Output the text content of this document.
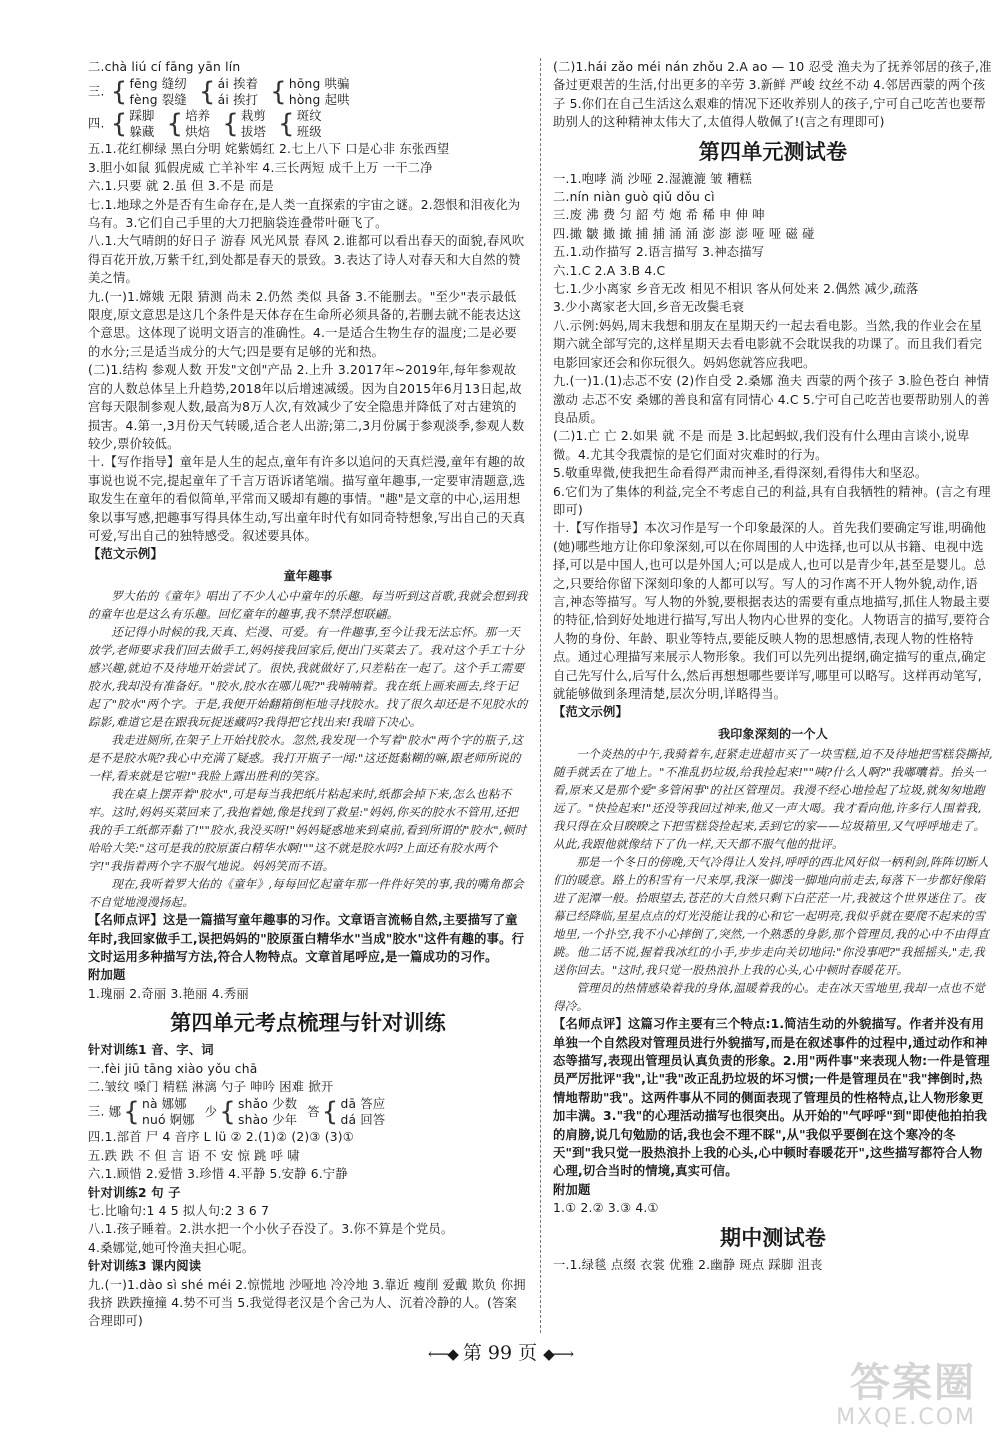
二.chà liú cí fāng yān lín
三. { fēng 缝纫
fèng 裂缝 { ái 挨着
ái 挨打 { hōng 哄骗
hòng 起哄
四. { 踩脚
躲藏 { 培养
烘焙 { 栽剪
拔塔 { 斑纹
班级
五.1.花红柳绿 黑白分明 姹紫嫣红 2.七上八下 口是心非 东张西望
3.胆小如鼠 狐假虎威 亡羊补牢 4.三长两短 成千上万 一干二净
六.1.只要 就 2.虽 但 3.不是 而是
七.1.地球之外是否有生命存在,是人类一直探索的宇宙之谜。2.怨恨和泪夜化为乌有。3.它们自己手里的大刀把脑袋连叠带叶砸飞了。
八.1.大气晴朗的好日子 游春 风光风景 春风 2.谁都可以看出春天的面貌,春风吹得百花开放,万紫千红,到处都是春天的景致。3.表达了诗人对春天和大自然的赞美之情。
九.(一)1.嫦娥 无限 猜测 尚未 2.仍然 类似 具备 3.不能删去。"至少"表示最低限度,原文意思是这几个条件是天体存在生命所必须具备的,若删去就不能表达这个意思。这体现了说明文语言的准确性。4.一是适合生物生存的温度;二是必要的水分;三是适当成分的大气;四是要有足够的光和热。
(二)1.结构 参观人数 开发"文创"产品 2.上升 3.2017年~2019年,每年参观故宫的人数总体呈上升趋势,2018年以后增速减缓。因为自2015年6月13日起,故宫每天限制参观人数,最高为8万人次,有效减少了安全隐患并降低了对古建筑的损害。4.第一,3月份天气转暖,适合老人出游;第二,3月份属于参观淡季,参观人数较少,票价较低。
十.【写作指导】童年是人生的起点,童年有许多以追问的天真烂漫,童年有趣的故事说也说不完,提起童年了千言万语诉诸笔端。描写童年趣事,一定要审清题意,选取发生在童年的看似简单,平常而又暖却有趣的事情。"趣"是文章的中心,运用想象以事写感,把趣事写得具体生动,写出童年时代有如同奇特想象,写出自己的天真可爱,写出自己的独特感受。叙述要具体。
【范文示例】
童年趣事
罗大佑的《童年》唱出了不少人心中童年的乐趣。每当听到这首歌,我就会想到我的童年也是这么有乐趣。回忆童年的趣事,我不禁浮想联翩。
还记得小时候的我,天真、烂漫、可爱。有一件趣事,至今让我无法忘怀。那一天放学,老师要求我们回去做手工,妈妈接我回家后,便出门买菜去了。我对这个手工十分感兴趣,就迫不及待地开始尝试了。很快,我就做好了,只差粘在一起了。这个手工需要胶水,我却没有准备好。"胶水,胶水在哪儿呢?"我喃喃着。我在纸上画来画去,终于记起了"胶水"两个字。于是,我便开始翻箱倒柜地寻找胶水。找了很久却还是不见胶水的踪影,难道它是在跟我玩捉迷藏吗?我得把它找出来!我暗下决心。
我走进厕所,在架子上开始找胶水。忽然,我发现一个写着"胶水"两个字的瓶子,这是不是胶水呢?我心中充满了疑惑。我打开瓶子一闻:"这还挺黏糊的嘛,跟老师所说的一样,看来就是它啦!"我脸上露出胜利的笑容。
我在桌上摆弄着"胶水",可是每当我把纸片粘起来时,纸都会掉下来,怎么也粘不牢。这时,妈妈买菜回来了,我抱着她,像是找到了救星:"妈妈,你买的胶水不管用,还把我的手工纸都弄黏了!""胶水,我没买呀!"妈妈疑惑地来到桌前,看到所谓的"胶水",顿时哈哈大笑:"这可是我的胶原蛋白精华水啊!""这不就是胶水吗?上面还有胶水两个字!"我指着两个字不服气地说。妈妈笑而不语。
现在,我听着罗大佑的《童年》,每每回忆起童年那一件件好笑的事,我的嘴角都会不自觉地漫漫扬起。
【名师点评】这是一篇描写童年趣事的习作。文章语言流畅自然,主要描写了童年时,我回家做手工,误把妈妈的"胶原蛋白精华水"当成"胶水"这件有趣的事。行文时运用多种描写方法,符合人物特点。文章首尾呼应,是一篇成功的习作。
附加题
1.瑰丽 2.奇丽 3.艳丽 4.秀丽
第四单元考点梳理与针对训练
针对训练1 音、字、词
一.fèi jiū tāng xiào yǒu chā
二.皱纹 嗓门 精糕 淋漓 勺子 呻吟 困难 掀开
三. 娜{ nà 娜娜
nuó 婀娜
少{ shǎo 少数
shào 少年
答{ dā 答应
dá 回答
四.1.部首 尸 4 音序 L lü ② 2.(1)② (2)③ (3)①
五.跌 跌 不 但 言 语 不 安 惊 跳 呼 啸
六.1.顾惜 2.爱惜 3.珍惜 4.平静 5.安静 6.宁静
针对训练2 句 子
七.比喻句:1 4 5 拟人句:2 3 6 7
八.1.孩子睡着。2.洪水把一个小伙子吞没了。3.你不算是个党员。
4.桑娜觉,她可怜渔夫担心呢。
针对训练3 课内阅读
九.(一)1.dào sì shé méi 2.惊慌地 沙哑地 冷冷地 3.靠近 瘦削 爱戴 欺负 你拥我挤 跌跌撞撞 4.势不可当 5.我觉得老汉是个舍己为人、沉着冷静的人。(答案合理即可)
(二)1.hái zǎo méi nán zhǒu 2.A ao — 10 忍受 渔夫为了抚养邻居的孩子,准备过更艰苦的生活,付出更多的辛劳 3.新鲜 严峻 纹丝不动 4.邻居西蒙的两个孩子 5.你们在自己生活这么艰难的情况下还收养别人的孩子,宁可自己吃苦也要帮助别人的这种精神太伟大了,太值得人敬佩了!(言之有理即可)
第四单元测试卷
一.1.咆哮 淌 沙哑 2.湿漉漉 皱 糟糕
二.nín niàn guò qiǔ dǒu cì
三.废 沸 费 匀 韶 芍 炮 希 稀 申 伸 呻
四.撖 皺 撖 撖 捕 捕 涌 涌 澎 澎 澎 哑 哑 磁 碰
五.1.动作描写 2.语言描写 3.神态描写
六.1.C 2.A 3.B 4.C
七.1.少小离家 乡音无改 相见不相识 客从何处来 2.偶然 减少,疏落
3.少小离家老大回,乡音无改鬓毛衰
八.示例:妈妈,周末我想和朋友在星期天约一起去看电影。当然,我的作业会在星期六就全部写完的,这样星期天去看电影就不会耽误我的功课了。而且我们看完电影回家还会和你玩很久。妈妈您就答应我吧。
九.(一)1.(1)忐忑不安 (2)作自受 2.桑娜 渔夫 西蒙的两个孩子 3.脸色苍白 神情激动 忐忑不安 桑娜的善良和富有同情心 4.C 5.宁可自己吃苦也要帮助别人的善良品质。
(二)1.亡 亡 2.如果 就 不是 而是 3.比起蚂蚁,我们没有什么理由言谈小,说卑微。4.尤其令我震惊的是它们面对灾难时的行为。
5.敬重卑微,使我把生命看得严肃而神圣,看得深刻,看得伟大和坚忍。
6.它们为了集体的利益,完全不考虑自己的利益,具有自我牺牲的精神。(言之有理即可)
十.【写作指导】本次习作是写一个印象最深的人。首先我们要确定写谁,明确他(她)哪些地方让你印象深刻,可以在你周围的人中选择,也可以从书籍、电视中选择,可以是中国人,也可以是外国人;可以是成人,也可以是青少年,甚至是婴儿。总之,只要给你留下深刻印象的人都可以写。写人的习作离不开人物外貌,动作,语言,神态等描写。写人物的外貌,要根据表达的需要有重点地描写,抓住人物最主要的特征,恰到好处地进行描写,写出人物内心世界的变化。人物语言的描写,要符合人物的身份、年龄、职业等特点,要能反映人物的思想感情,表现人物的性格特点。通过心理描写来展示人物形象。我们可以先列出提纲,确定描写的重点,确定自己先写什么,后写什么,然后再想想哪些要详写,哪里可以略写。这样再动笔写,就能够做到条理清楚,层次分明,详略得当。
【范文示例】
我印象深刻的一个人
一个炎热的中午,我骑着车,赶紧走进超市买了一块雪糕,迫不及待地把雪糕袋撕掉,随手就丢在了地上。"不准乱扔垃圾,给我捡起来!""咦?什么人啊?"我嘟囔着。抬头一看,原来又是那个爱"多管闲事"的社区管理员。我漫不经心地捡起了垃圾,就匆匆地跑远了。"快捡起来!"还没等我回过神来,他又一声大喝。我才看向他,许多行人围着我,我只得在众目睽睽之下把雪糕袋捡起来,丢到它的家——垃圾箱里,又气呼呼地走了。从此,我跟他就像结下了仇一样,天天都不服气他的批评。
那是一个冬日的傍晚,天气冷得让人发抖,呼呼的西北风好似一柄利剑,阵阵切断人们的暖意。路上的积雪有一尺来厚,我深一脚浅一脚地向前走去,每落下一步都好像陷进了泥潭一般。拾眼望去,苍茫的大自然只剩下白茫茫一片,我被这个世界迷住了。夜幕已经降临,星星点点的灯光没能让我的心和它一起明亮,我似乎就在要爬不起来的雪地里,一个扑空,我不小心摔倒了,突然,一个熟悉的身影,那个管理员,我的心中不由得直跳。他二话不说,握着我冰红的小手,步步走向关切地问:"你没事吧?"我摇摇头,"走,我送你回去。"这时,我只觉一股热浪扑上我的心头,心中顿时春暖花开。
管理员的热情感染着我的身体,温暖着我的心。走在冰天雪地里,我却一点也不觉得冷。
【名师点评】这篇习作主要有三个特点:1.简洁生动的外貌描写。作者并没有用单独一个自然段对管理员进行外貌描写,而是在叙述事件的过程中,通过动作和神态等描写,表现出管理员认真负责的形象。2.用"两件事"来表现人物:一件是管理员严厉批评"我",让"我"改正乱扔垃圾的坏习惯;一件是管理员在"我"摔倒时,热情地帮助"我"。这两件事从不同的侧面表现了管理员的性格特点,让人物形象更加丰满。3."我"的心理活动描写也很突出。从开始的"气呼呼"到"即使他拍拍我的肩膀,说几句勉励的话,我也会不理不睬",从"我似乎要倒在这个寒冷的冬天"到"我只觉一股热浪扑上我的心头,心中顿时春暖花开",这些描写都符合人物心理,切合当时的情境,真实可信。
附加题
1.① 2.② 3.③ 4.①
期中测试卷
一.1.绿毯 点缀 衣裳 优雅 2.幽静 斑点 踩脚 沮丧
⟵◆ 第 99 页 ◆⟶
答案圈
MXQE.COM
